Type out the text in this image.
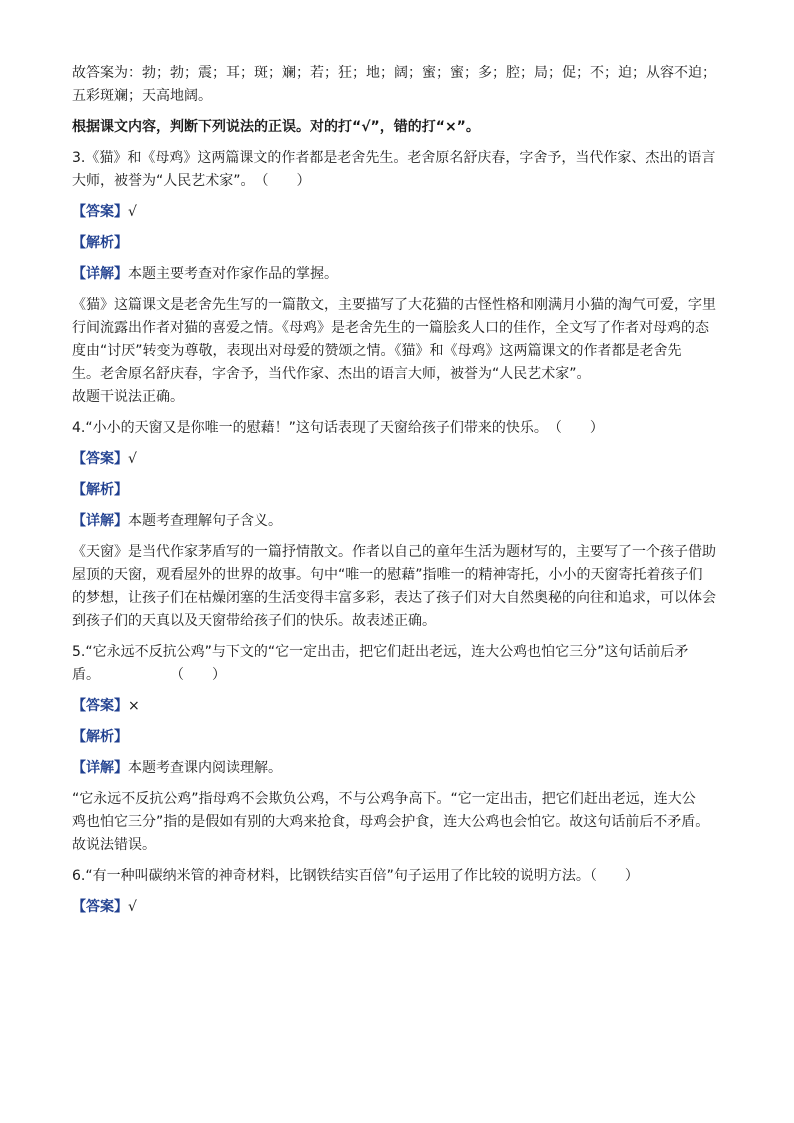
故答案为：勃；勃；震；耳；斑；斓；若；狂；地；阔；蜜；蜜；多；腔；局；促；不；迫；从容不迫；

五彩斑斓；天高地阔。

根据课文内容，判断下列说法的正误。对的打“√”，错的打“×”。

3.《猫》和《母鸡》这两篇课文的作者都是老舍先生。老舍原名舒庆春，字舍予，当代作家、杰出的语言

大师，被誉为“人民艺术家”。　（　　）

【答案】√

【解析】

【详解】本题主要考查对作家作品的掌握。

《猫》这篇课文是老舍先生写的一篇散文，主要描写了大花猫的古怪性格和刚满月小猫的淘气可爱，字里

行间流露出作者对猫的喜爱之情。《母鸡》是老舍先生的一篇脍炙人口的佳作，全文写了作者对母鸡的态

度由“讨厌”转变为尊敬，表现出对母爱的赞颂之情。《猫》和《母鸡》这两篇课文的作者都是老舍先

生。老舍原名舒庆春，字舍予，当代作家、杰出的语言大师，被誉为“人民艺术家”。

故题干说法正确。

4.“小小的天窗又是你唯一的慰藉！”这句话表现了天窗给孩子们带来的快乐。　（　　）

【答案】√

【解析】

【详解】本题考查理解句子含义。

《天窗》是当代作家茅盾写的一篇抒情散文。作者以自己的童年生活为题材写的，主要写了一个孩子借助

屋顶的天窗，观看屋外的世界的故事。句中“唯一的慰藉”指唯一的精神寄托，小小的天窗寄托着孩子们

的梦想，让孩子们在枯燥闭塞的生活变得丰富多彩，表达了孩子们对大自然奥秘的向往和追求，可以体会

到孩子们的天真以及天窗带给孩子们的快乐。故表述正确。

5.“它永远不反抗公鸡”与下文的“它一定出击，把它们赶出老远，连大公鸡也怕它三分”这句话前后矛

盾。　　　　　　（　　）

【答案】×

【解析】

【详解】本题考查课内阅读理解。

“它永远不反抗公鸡”指母鸡不会欺负公鸡，不与公鸡争高下。“它一定出击，把它们赶出老远，连大公

鸡也怕它三分”指的是假如有别的大鸡来抢食，母鸡会护食，连大公鸡也会怕它。故这句话前后不矛盾。

故说法错误。

6.“有一种叫碳纳米管的神奇材料，比钢铁结实百倍”句子运用了作比较的说明方法。（　　）

【答案】√
